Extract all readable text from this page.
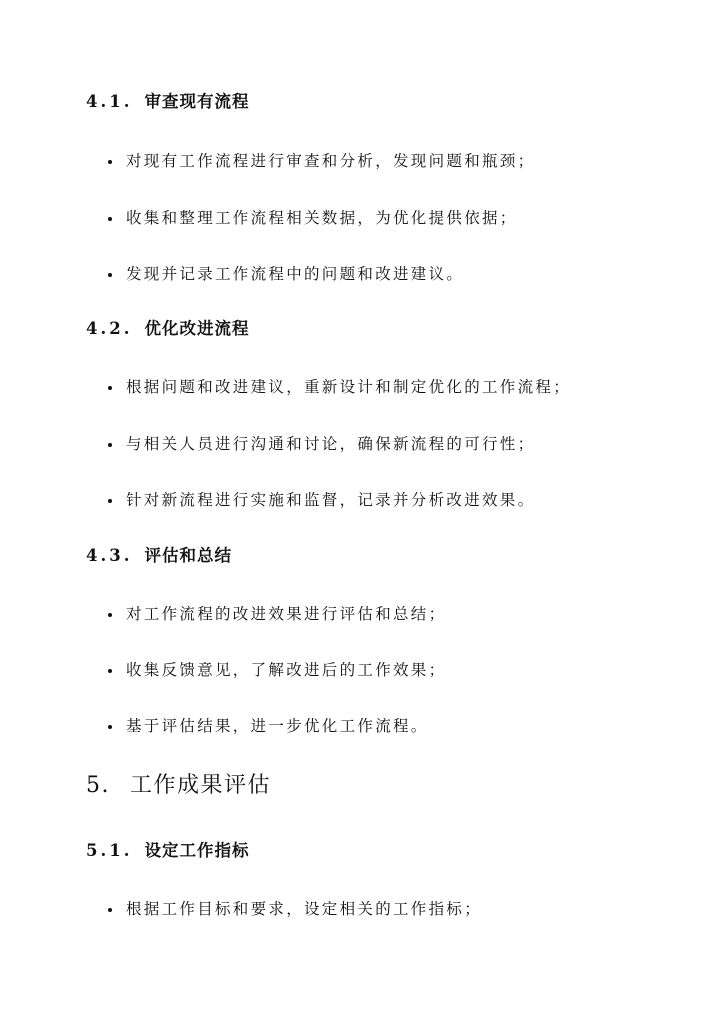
4.1. 审查现有流程
对现有工作流程进行审查和分析，发现问题和瓶颈；
收集和整理工作流程相关数据，为优化提供依据；
发现并记录工作流程中的问题和改进建议。
4.2. 优化改进流程
根据问题和改进建议，重新设计和制定优化的工作流程；
与相关人员进行沟通和讨论，确保新流程的可行性；
针对新流程进行实施和监督，记录并分析改进效果。
4.3. 评估和总结
对工作流程的改进效果进行评估和总结；
收集反馈意见，了解改进后的工作效果；
基于评估结果，进一步优化工作流程。
5. 工作成果评估
5.1. 设定工作指标
根据工作目标和要求，设定相关的工作指标；
